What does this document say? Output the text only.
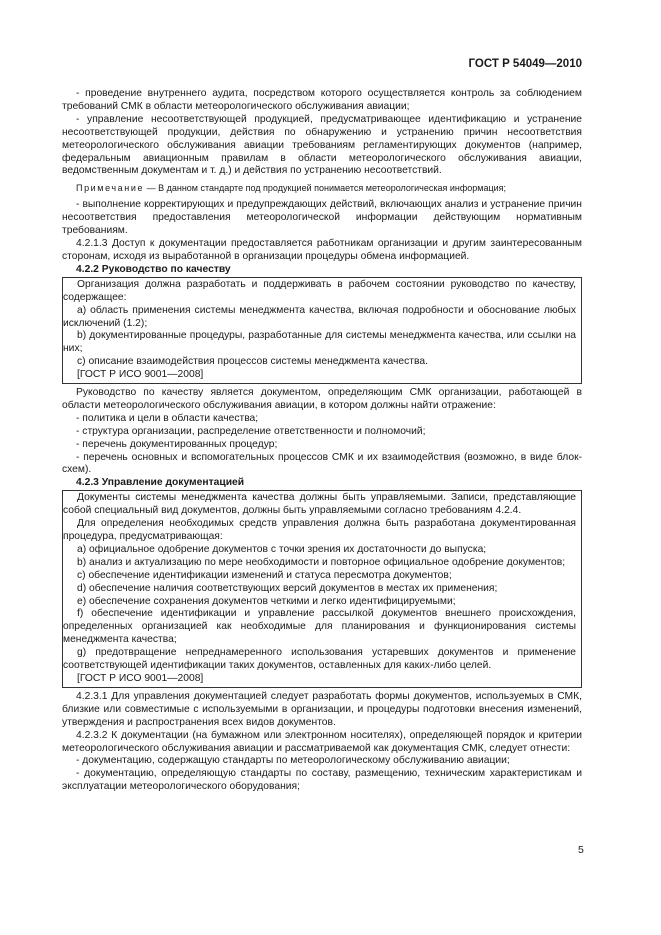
ГОСТ Р 54049—2010

- проведение внутреннего аудита, посредством которого осуществляется контроль за соблюдением требований СМК в области метеорологического обслуживания авиации;

- управление несоответствующей продукцией, предусматривающее идентификацию и устранение несоответствующей продукции, действия по обнаружению и устранению причин несоответствия метеорологического обслуживания авиации требованиям регламентирующих документов (например, федеральным авиационным правилам в области метеорологического обслуживания авиации, ведомственным документам и т. д.) и действия по устранению несоответствий.

Примечание — В данном стандарте под продукцией понимается метеорологическая информация;

- выполнение корректирующих и предупреждающих действий, включающих анализ и устранение причин несоответствия предоставления метеорологической информации действующим нормативным требованиям.

4.2.1.3 Доступ к документации предоставляется работникам организации и другим заинтересованным сторонам, исходя из выработанной в организации процедуры обмена информацией.

4.2.2 Руководство по качеству

Организация должна разработать и поддерживать в рабочем состоянии руководство по качеству, содержащее:

a) область применения системы менеджмента качества, включая подробности и обоснование любых исключений (1.2);

b) документированные процедуры, разработанные для системы менеджмента качества, или ссылки на них;

c) описание взаимодействия процессов системы менеджмента качества.

[ГОСТ Р ИСО 9001—2008]

Руководство по качеству является документом, определяющим СМК организации, работающей в области метеорологического обслуживания авиации, в котором должны найти отражение:

- политика и цели в области качества;

- структура организации, распределение ответственности и полномочий;

- перечень документированных процедур;

- перечень основных и вспомогательных процессов СМК и их взаимодействия (возможно, в виде блок-схем).

4.2.3 Управление документацией

Документы системы менеджмента качества должны быть управляемыми. Записи, представляющие собой специальный вид документов, должны быть управляемыми согласно требованиям 4.2.4.

Для определения необходимых средств управления должна быть разработана документированная процедура, предусматривающая:

a) официальное одобрение документов с точки зрения их достаточности до выпуска;

b) анализ и актуализацию по мере необходимости и повторное официальное одобрение документов;

c) обеспечение идентификации изменений и статуса пересмотра документов;

d) обеспечение наличия соответствующих версий документов в местах их применения;

e) обеспечение сохранения документов четкими и легко идентифицируемыми;

f) обеспечение идентификации и управление рассылкой документов внешнего происхождения, определенных организацией как необходимые для планирования и функционирования системы менеджмента качества;

g) предотвращение непреднамеренного использования устаревших документов и применение соответствующей идентификации таких документов, оставленных для каких-либо целей.

[ГОСТ Р ИСО 9001—2008]

4.2.3.1 Для управления документацией следует разработать формы документов, используемых в СМК, близкие или совместимые с используемыми в организации, и процедуры подготовки внесения изменений, утверждения и распространения всех видов документов.

4.2.3.2 К документации (на бумажном или электронном носителях), определяющей порядок и критерии метеорологического обслуживания авиации и рассматриваемой как документация СМК, следует отнести:

- документацию, содержащую стандарты по метеорологическому обслуживанию авиации;

- документацию, определяющую стандарты по составу, размещению, техническим характеристикам и эксплуатации метеорологического оборудования;

5
